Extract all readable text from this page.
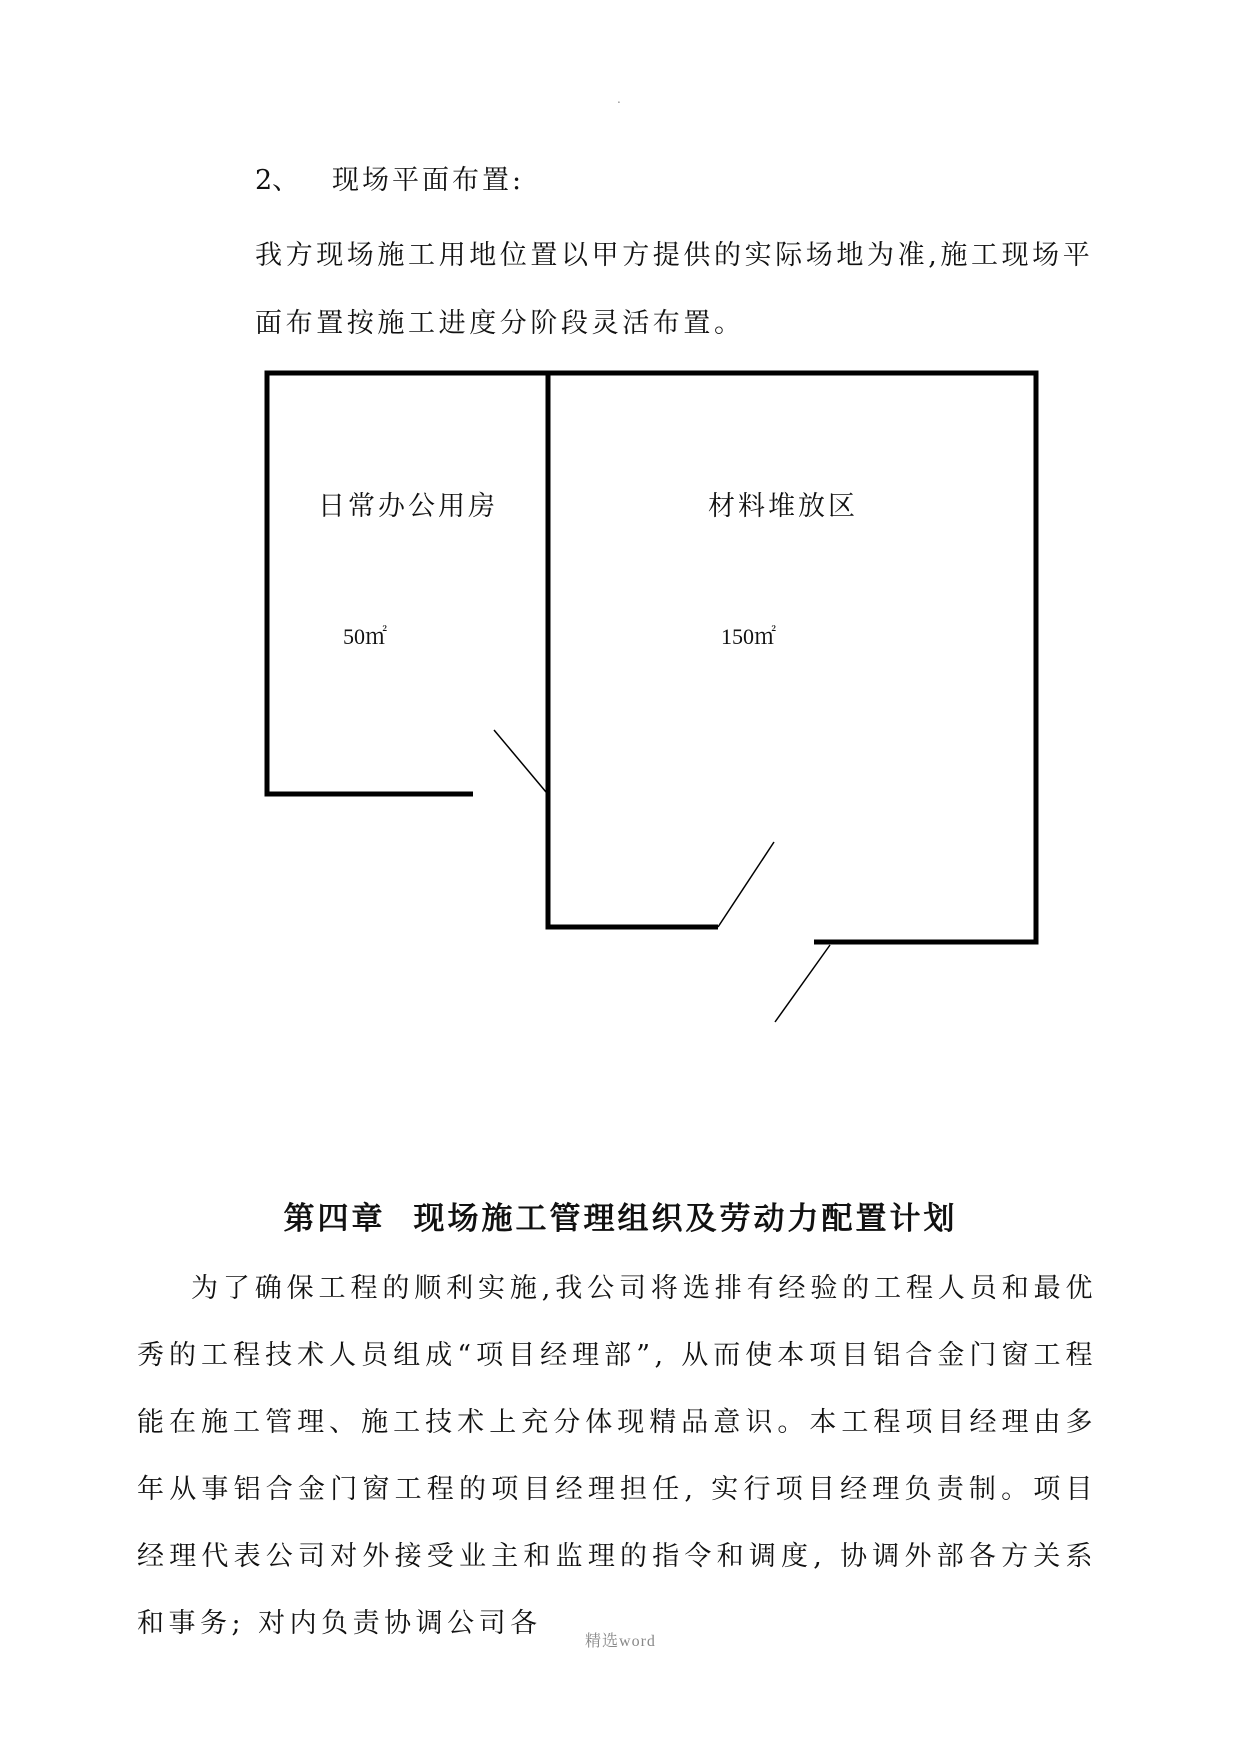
.
2、 现场平面布置:
我方现场施工用地位置以甲方提供的实际场地为准,施工现场平面布置按施工进度分阶段灵活布置。
日常办公用房
50㎡
材料堆放区
150㎡
第四章 现场施工管理组织及劳动力配置计划

为了确保工程的顺利实施,我公司将选排有经验的工程人员和最优秀的工程技术人员组成“项目经理部”, 从而使本项目铝合金门窗工程能在施工管理、施工技术上充分体现精品意识。本工程项目经理由多年从事铝合金门窗工程的项目经理担任, 实行项目经理负责制。项目经理代表公司对外接受业主和监理的指令和调度, 协调外部各方关系和事务; 对内负责协调公司各

精选word
